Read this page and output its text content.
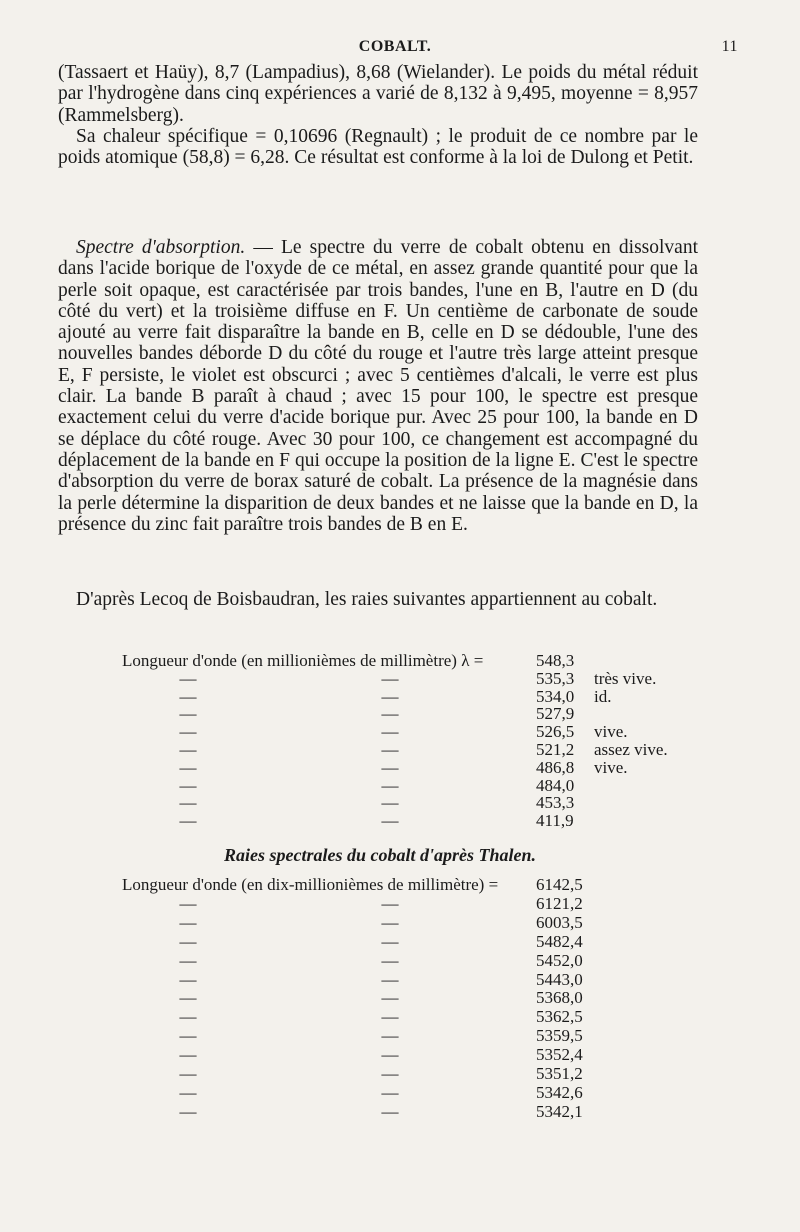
COBALT.	11

(Tassaert et Haüy), 8,7 (Lampadius), 8,68 (Wielander). Le poids du métal réduit par l'hydrogène dans cinq expériences a varié de 8,132 à 9,495, moyenne = 8,957 (Rammelsberg).

Sa chaleur spécifique = 0,10696 (Regnault) ; le produit de ce nombre par le poids atomique (58,8) = 6,28. Ce résultat est conforme à la loi de Dulong et Petit.

Spectre d'absorption. — Le spectre du verre de cobalt obtenu en dissolvant dans l'acide borique de l'oxyde de ce métal, en assez grande quantité pour que la perle soit opaque, est caractérisée par trois bandes, l'une en B, l'autre en D (du côté du vert) et la troisième diffuse en F. Un centième de carbonate de soude ajouté au verre fait disparaître la bande en B, celle en D se dédouble, l'une des nouvelles bandes déborde D du côté du rouge et l'autre très large atteint presque E, F persiste, le violet est obscurci ; avec 5 centièmes d'alcali, le verre est plus clair. La bande B paraît à chaud ; avec 15 pour 100, le spectre est presque exactement celui du verre d'acide borique pur. Avec 25 pour 100, la bande en D se déplace du côté rouge. Avec 30 pour 100, ce changement est accompagné du déplacement de la bande en F qui occupe la position de la ligne E. C'est le spectre d'absorption du verre de borax saturé de cobalt. La présence de la magnésie dans la perle détermine la disparition de deux bandes et ne laisse que la bande en D, la présence du zinc fait paraître trois bandes de B en E.

D'après Lecoq de Boisbaudran, les raies suivantes appartiennent au cobalt.

Longueur d'onde (en millionièmes de millimètre) λ =	548,3
—	—	535,3 très vive.
—	—	534,0 id.
—	—	527,9
—	—	526,5 vive.
—	—	521,2 assez vive.
—	—	486,8 vive.
—	—	484,0
—	—	453,3
—	—	411,9
Raies spectrales du cobalt d'après Thalen.
Longueur d'onde (en dix-millionièmes de millimètre) = 6142,5
—	—	6121,2
—	—	6003,5
—	—	5482,4
—	—	5452,0
—	—	5443,0
—	—	5368,0
—	—	5362,5
—	—	5359,5
—	—	5352,4
—	—	5351,2
—	—	5342,6
—	—	5342,1
